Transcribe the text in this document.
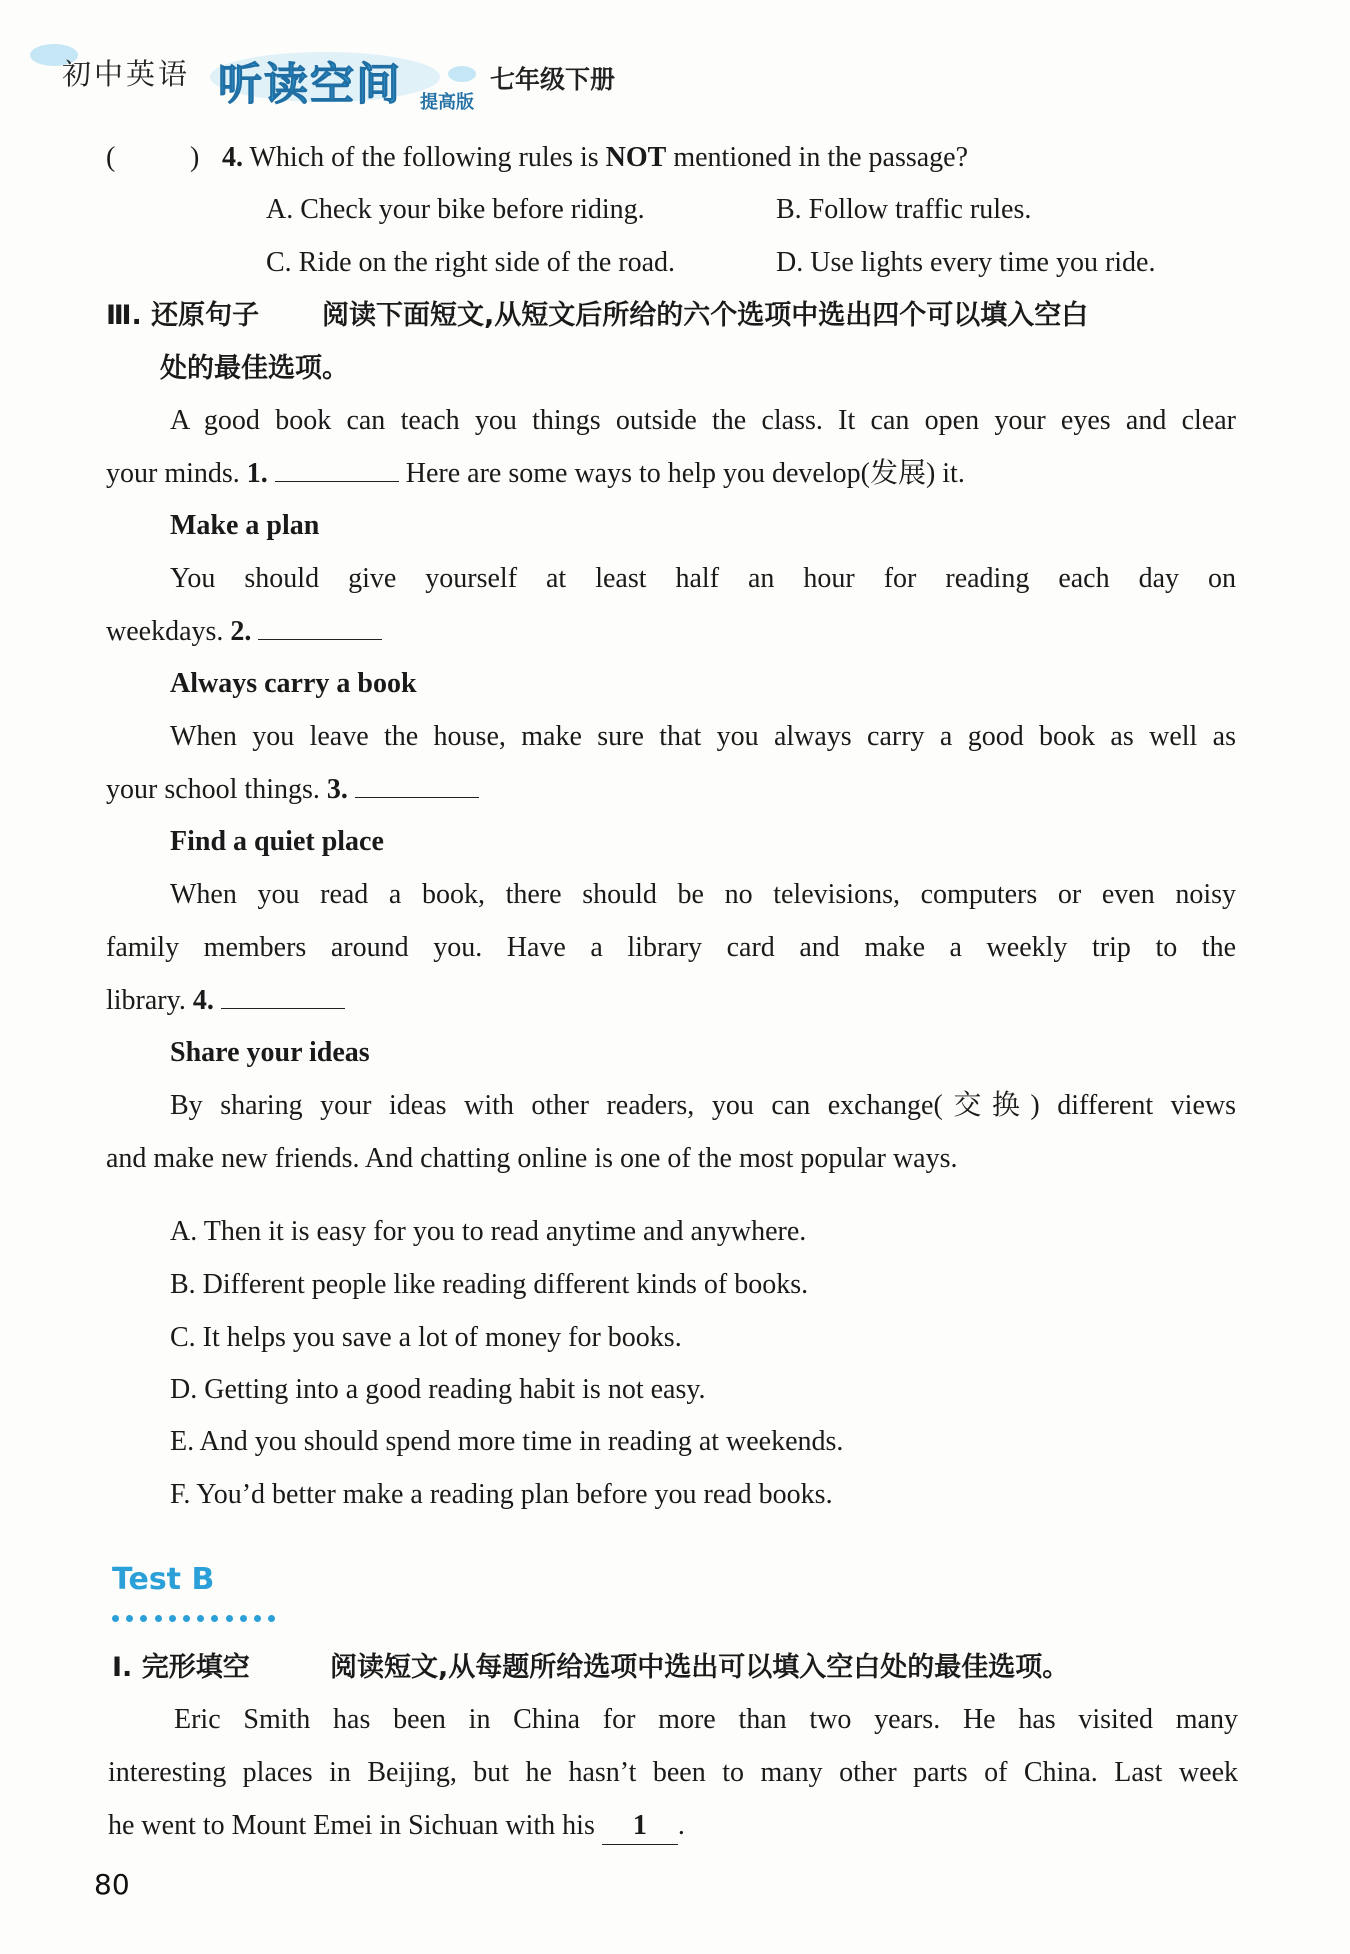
初中英语 听读空间 提高版
七年级下册
(	) 4. Which of the following rules is NOT mentioned in the passage?
A. Check your bike before riding.	B. Follow traffic rules.
C. Ride on the right side of the road.	D. Use lights every time you ride.
Ⅲ. 还原句子 阅读下面短文,从短文后所给的六个选项中选出四个可以填入空白
处的最佳选项。
A good book can teach you things outside the class. It can open your eyes and clear
your minds. 1.	Here are some ways to help you develop(发展) it.
Make a plan
You should give yourself at least half an hour for reading each day on
weekdays. 2.
Always carry a book
When you leave the house, make sure that you always carry a good book as well as
your school things. 3.
Find a quiet place
When you read a book, there should be no televisions, computers or even noisy
family members around you. Have a library card and make a weekly trip to the
library. 4.
Share your ideas
By sharing your ideas with other readers, you can exchange(交换) different views
and make new friends. And chatting online is one of the most popular ways.
A. Then it is easy for you to read anytime and anywhere.
B. Different people like reading different kinds of books.
C. It helps you save a lot of money for books.
D. Getting into a good reading habit is not easy.
E. And you should spend more time in reading at weekends.
F. You’d better make a reading plan before you read books.
Test B
Ⅰ. 完形填空	阅读短文,从每题所给选项中选出可以填入空白处的最佳选项。
Eric Smith has been in China for more than two years. He has visited many
interesting places in Beijing, but he hasn’t been to many other parts of China. Last week
he went to Mount Emei in Sichuan with his 1 .
80
